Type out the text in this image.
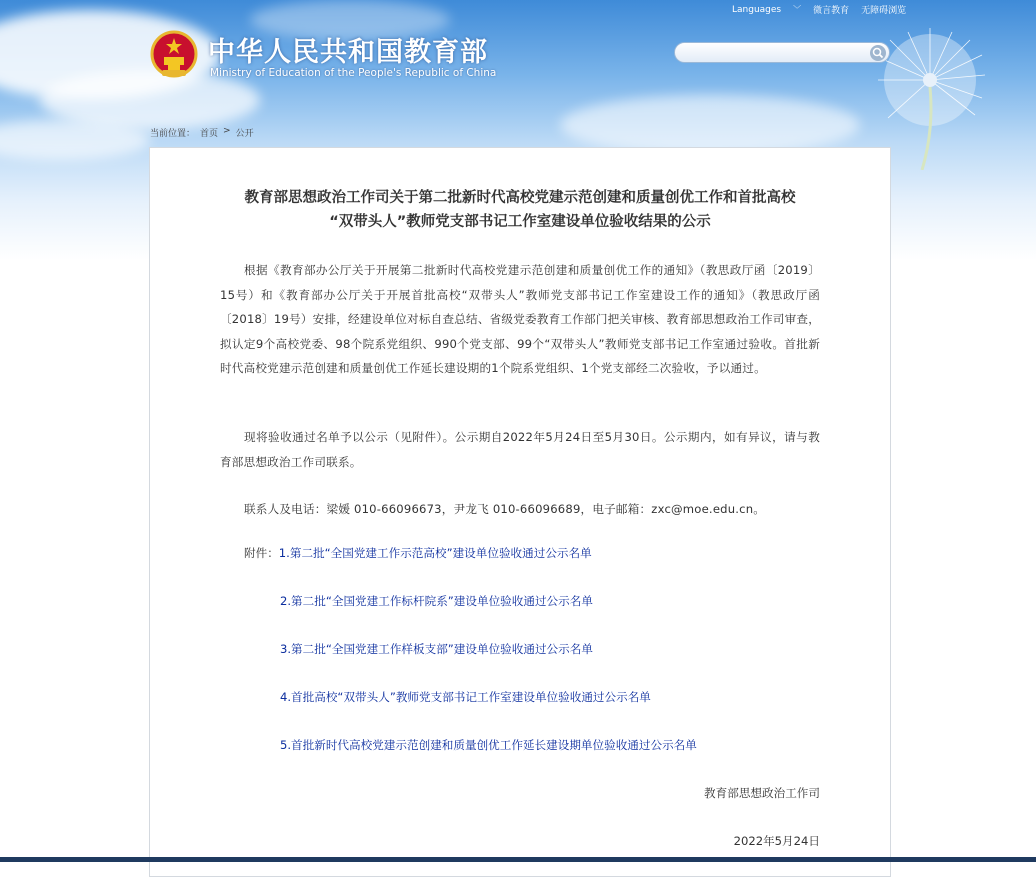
Languages ﹀ 微言教育 无障碍浏览
中华人民共和国教育部
Ministry of Education of the People's Republic of China
当前位置： 首页 > 公开
教育部思想政治工作司关于第二批新时代高校党建示范创建和质量创优工作和首批高校
“双带头人”教师党支部书记工作室建设单位验收结果的公示
根据《教育部办公厅关于开展第二批新时代高校党建示范创建和质量创优工作的通知》（教思政厅函〔2019〕15号）和《教育部办公厅关于开展首批高校“双带头人”教师党支部书记工作室建设工作的通知》（教思政厅函〔2018〕19号）安排，经建设单位对标自查总结、省级党委教育工作部门把关审核、教育部思想政治工作司审查，拟认定9个高校党委、98个院系党组织、990个党支部、99个“双带头人”教师党支部书记工作室通过验收。首批新时代高校党建示范创建和质量创优工作延长建设期的1个院系党组织、1个党支部经二次验收，予以通过。
现将验收通过名单予以公示（见附件）。公示期自2022年5月24日至5月30日。公示期内，如有异议，请与教育部思想政治工作司联系。
联系人及电话：梁媛 010-66096673，尹龙飞 010-66096689，电子邮箱：zxc@moe.edu.cn。
附件：1.第二批“全国党建工作示范高校”建设单位验收通过公示名单
2.第二批“全国党建工作标杆院系”建设单位验收通过公示名单
3.第二批“全国党建工作样板支部”建设单位验收通过公示名单
4.首批高校“双带头人”教师党支部书记工作室建设单位验收通过公示名单
5.首批新时代高校党建示范创建和质量创优工作延长建设期单位验收通过公示名单
教育部思想政治工作司
2022年5月24日
